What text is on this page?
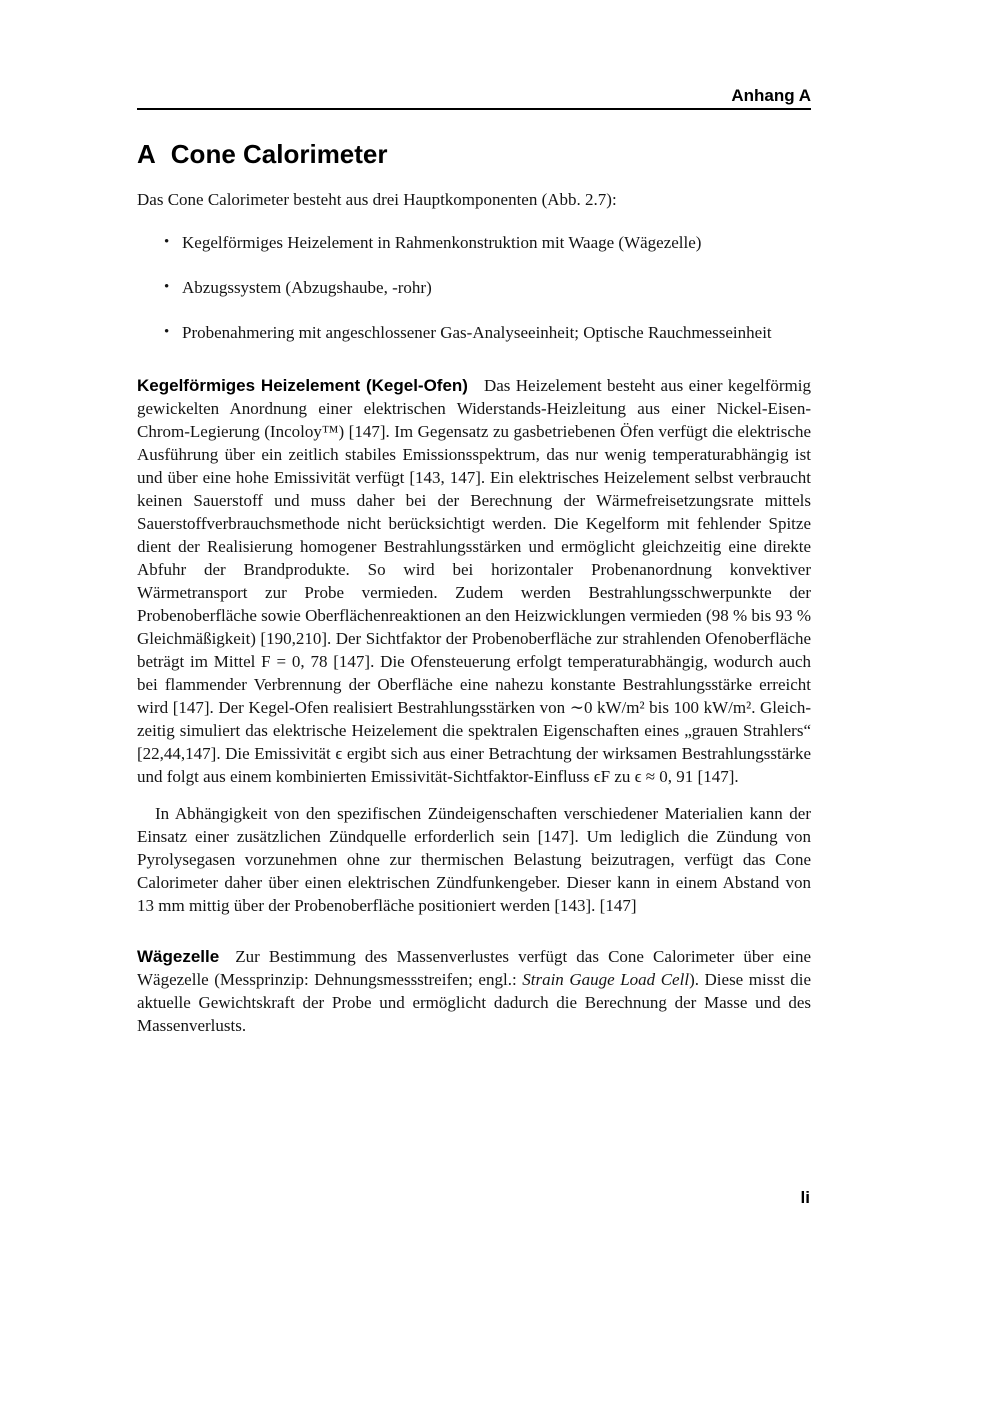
Anhang A
A Cone Calorimeter

Das Cone Calorimeter besteht aus drei Hauptkomponenten (Abb. 2.7):

• Kegelförmiges Heizelement in Rahmenkonstruktion mit Waage (Wägezelle)
• Abzugssystem (Abzugshaube, -rohr)
• Probenahmering mit angeschlossener Gas-Analyseeinheit; Optische Rauchmesseinheit

Kegelförmiges Heizelement (Kegel-Ofen) Das Heizelement besteht aus einer kegelförmig gewickelten Anordnung einer elektrischen Widerstands-Heizleitung aus einer Nickel-Eisen-Chrom-Legierung (Incoloy™) [147]. Im Gegensatz zu gasbetriebenen Öfen verfügt die elektrische Ausführung über ein zeitlich stabiles Emissionsspektrum, das nur wenig temperaturabhängig ist und über eine hohe Emissivität verfügt [143, 147]. Ein elektrisches Heizelement selbst verbraucht keinen Sauerstoff und muss daher bei der Berechnung der Wärmefreisetzungsrate mittels Sauerstoffverbrauchsmethode nicht berücksichtigt werden. Die Kegelform mit fehlender Spitze dient der Realisierung homogener Bestrahlungsstärken und ermöglicht gleichzeitig eine direkte Abfuhr der Brandprodukte. So wird bei horizontaler Probenanordnung konvektiver Wärmetransport zur Probe vermieden. Zudem werden Bestrahlungsschwerpunkte der Probenoberfläche sowie Oberflächenreaktionen an den Heizwicklungen vermieden (98 % bis 93 % Gleichmäßigkeit) [190,210]. Der Sichtfaktor der Probenoberfläche zur strahlenden Ofenoberfläche beträgt im Mittel F = 0, 78 [147]. Die Ofensteuerung erfolgt temperaturabhängig, wodurch auch bei flammender Verbrennung der Oberfläche eine nahezu konstante Bestrahlungsstärke erreicht wird [147]. Der Kegel-Ofen realisiert Bestrahlungsstärken von ∼0 kW/m² bis 100 kW/m². Gleichzeitig simuliert das elektrische Heizelement die spektralen Eigenschaften eines „grauen Strahlers“ [22,44,147]. Die Emissivität ϵ ergibt sich aus einer Betrachtung der wirksamen Bestrahlungsstärke und folgt aus einem kombinierten Emissivität-Sichtfaktor-Einfluss ϵF zu ϵ ≈ 0, 91 [147].

In Abhängigkeit von den spezifischen Zündeigenschaften verschiedener Materialien kann der Einsatz einer zusätzlichen Zündquelle erforderlich sein [147]. Um lediglich die Zündung von Pyrolysegasen vorzunehmen ohne zur thermischen Belastung beizutragen, verfügt das Cone Calorimeter daher über einen elektrischen Zündfunkengeber. Dieser kann in einem Abstand von 13 mm mittig über der Probenoberfläche positioniert werden [143]. [147]

Wägezelle Zur Bestimmung des Massenverlustes verfügt das Cone Calorimeter über eine Wägezelle (Messprinzip: Dehnungsmessstreifen; engl.: Strain Gauge Load Cell). Diese misst die aktuelle Gewichtskraft der Probe und ermöglicht dadurch die Berechnung der Masse und des Massenverlusts.

li
